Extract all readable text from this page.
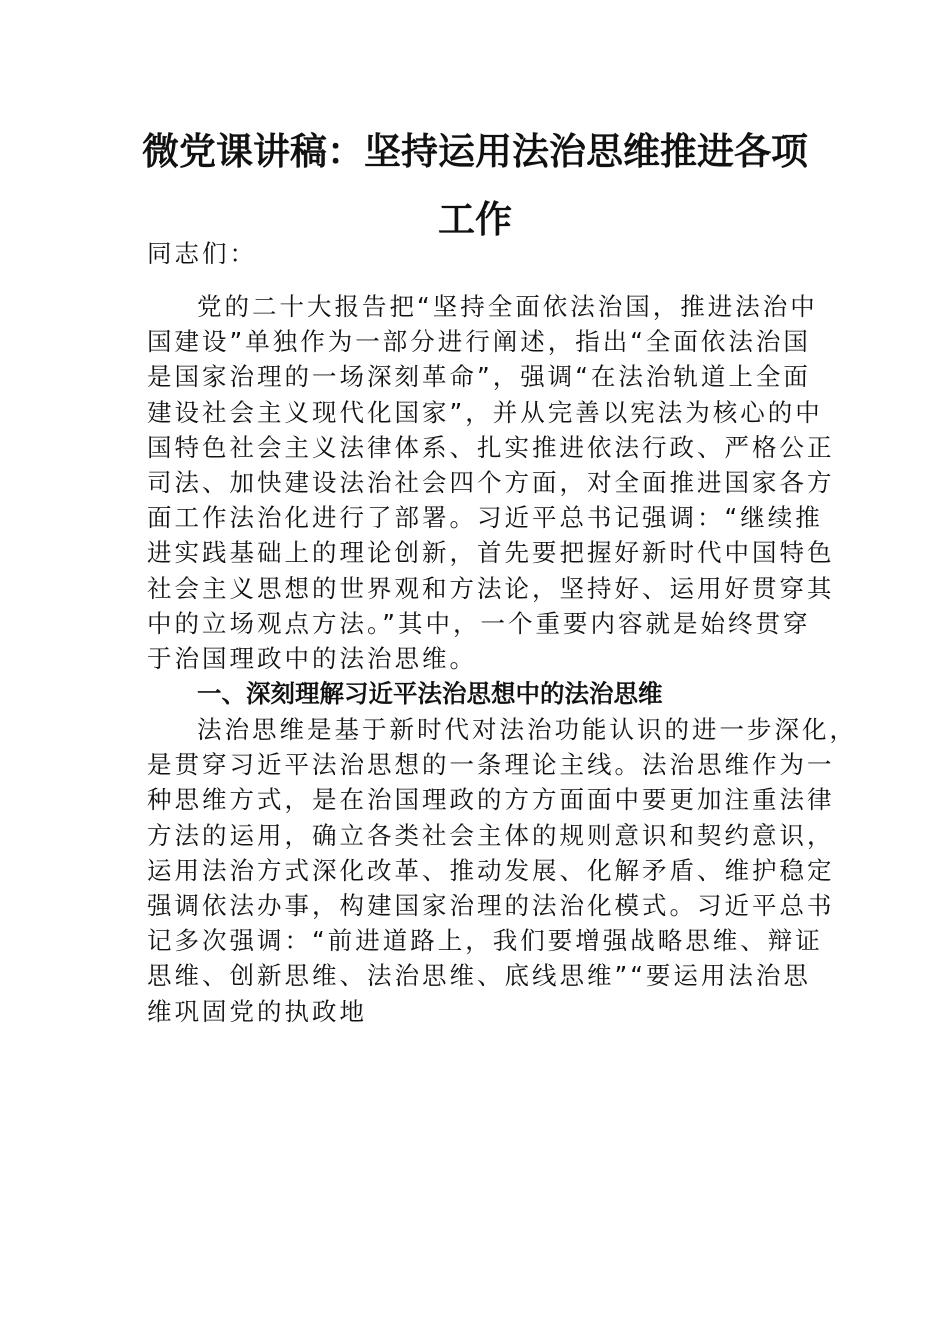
微党课讲稿：坚持运用法治思维推进各项
工作

同志们：

党的二十大报告把“坚持全面依法治国，推进法治中
国建设”单独作为一部分进行阐述，指出“全面依法治国
是国家治理的一场深刻革命”，强调“在法治轨道上全面
建设社会主义现代化国家”，并从完善以宪法为核心的中
国特色社会主义法律体系、扎实推进依法行政、严格公正
司法、加快建设法治社会四个方面，对全面推进国家各方
面工作法治化进行了部署。习近平总书记强调：“继续推
进实践基础上的理论创新，首先要把握好新时代中国特色
社会主义思想的世界观和方法论，坚持好、运用好贯穿其
中的立场观点方法。”其中，一个重要内容就是始终贯穿
于治国理政中的法治思维。
一、深刻理解习近平法治思想中的法治思维
法治思维是基于新时代对法治功能认识的进一步深化，
是贯穿习近平法治思想的一条理论主线。法治思维作为一
种思维方式，是在治国理政的方方面面中要更加注重法律
方法的运用，确立各类社会主体的规则意识和契约意识，
运用法治方式深化改革、推动发展、化解矛盾、维护稳定
强调依法办事，构建国家治理的法治化模式。习近平总书
记多次强调：“前进道路上，我们要增强战略思维、辩证
思维、创新思维、法治思维、底线思维”“要运用法治思
维巩固党的执政地
